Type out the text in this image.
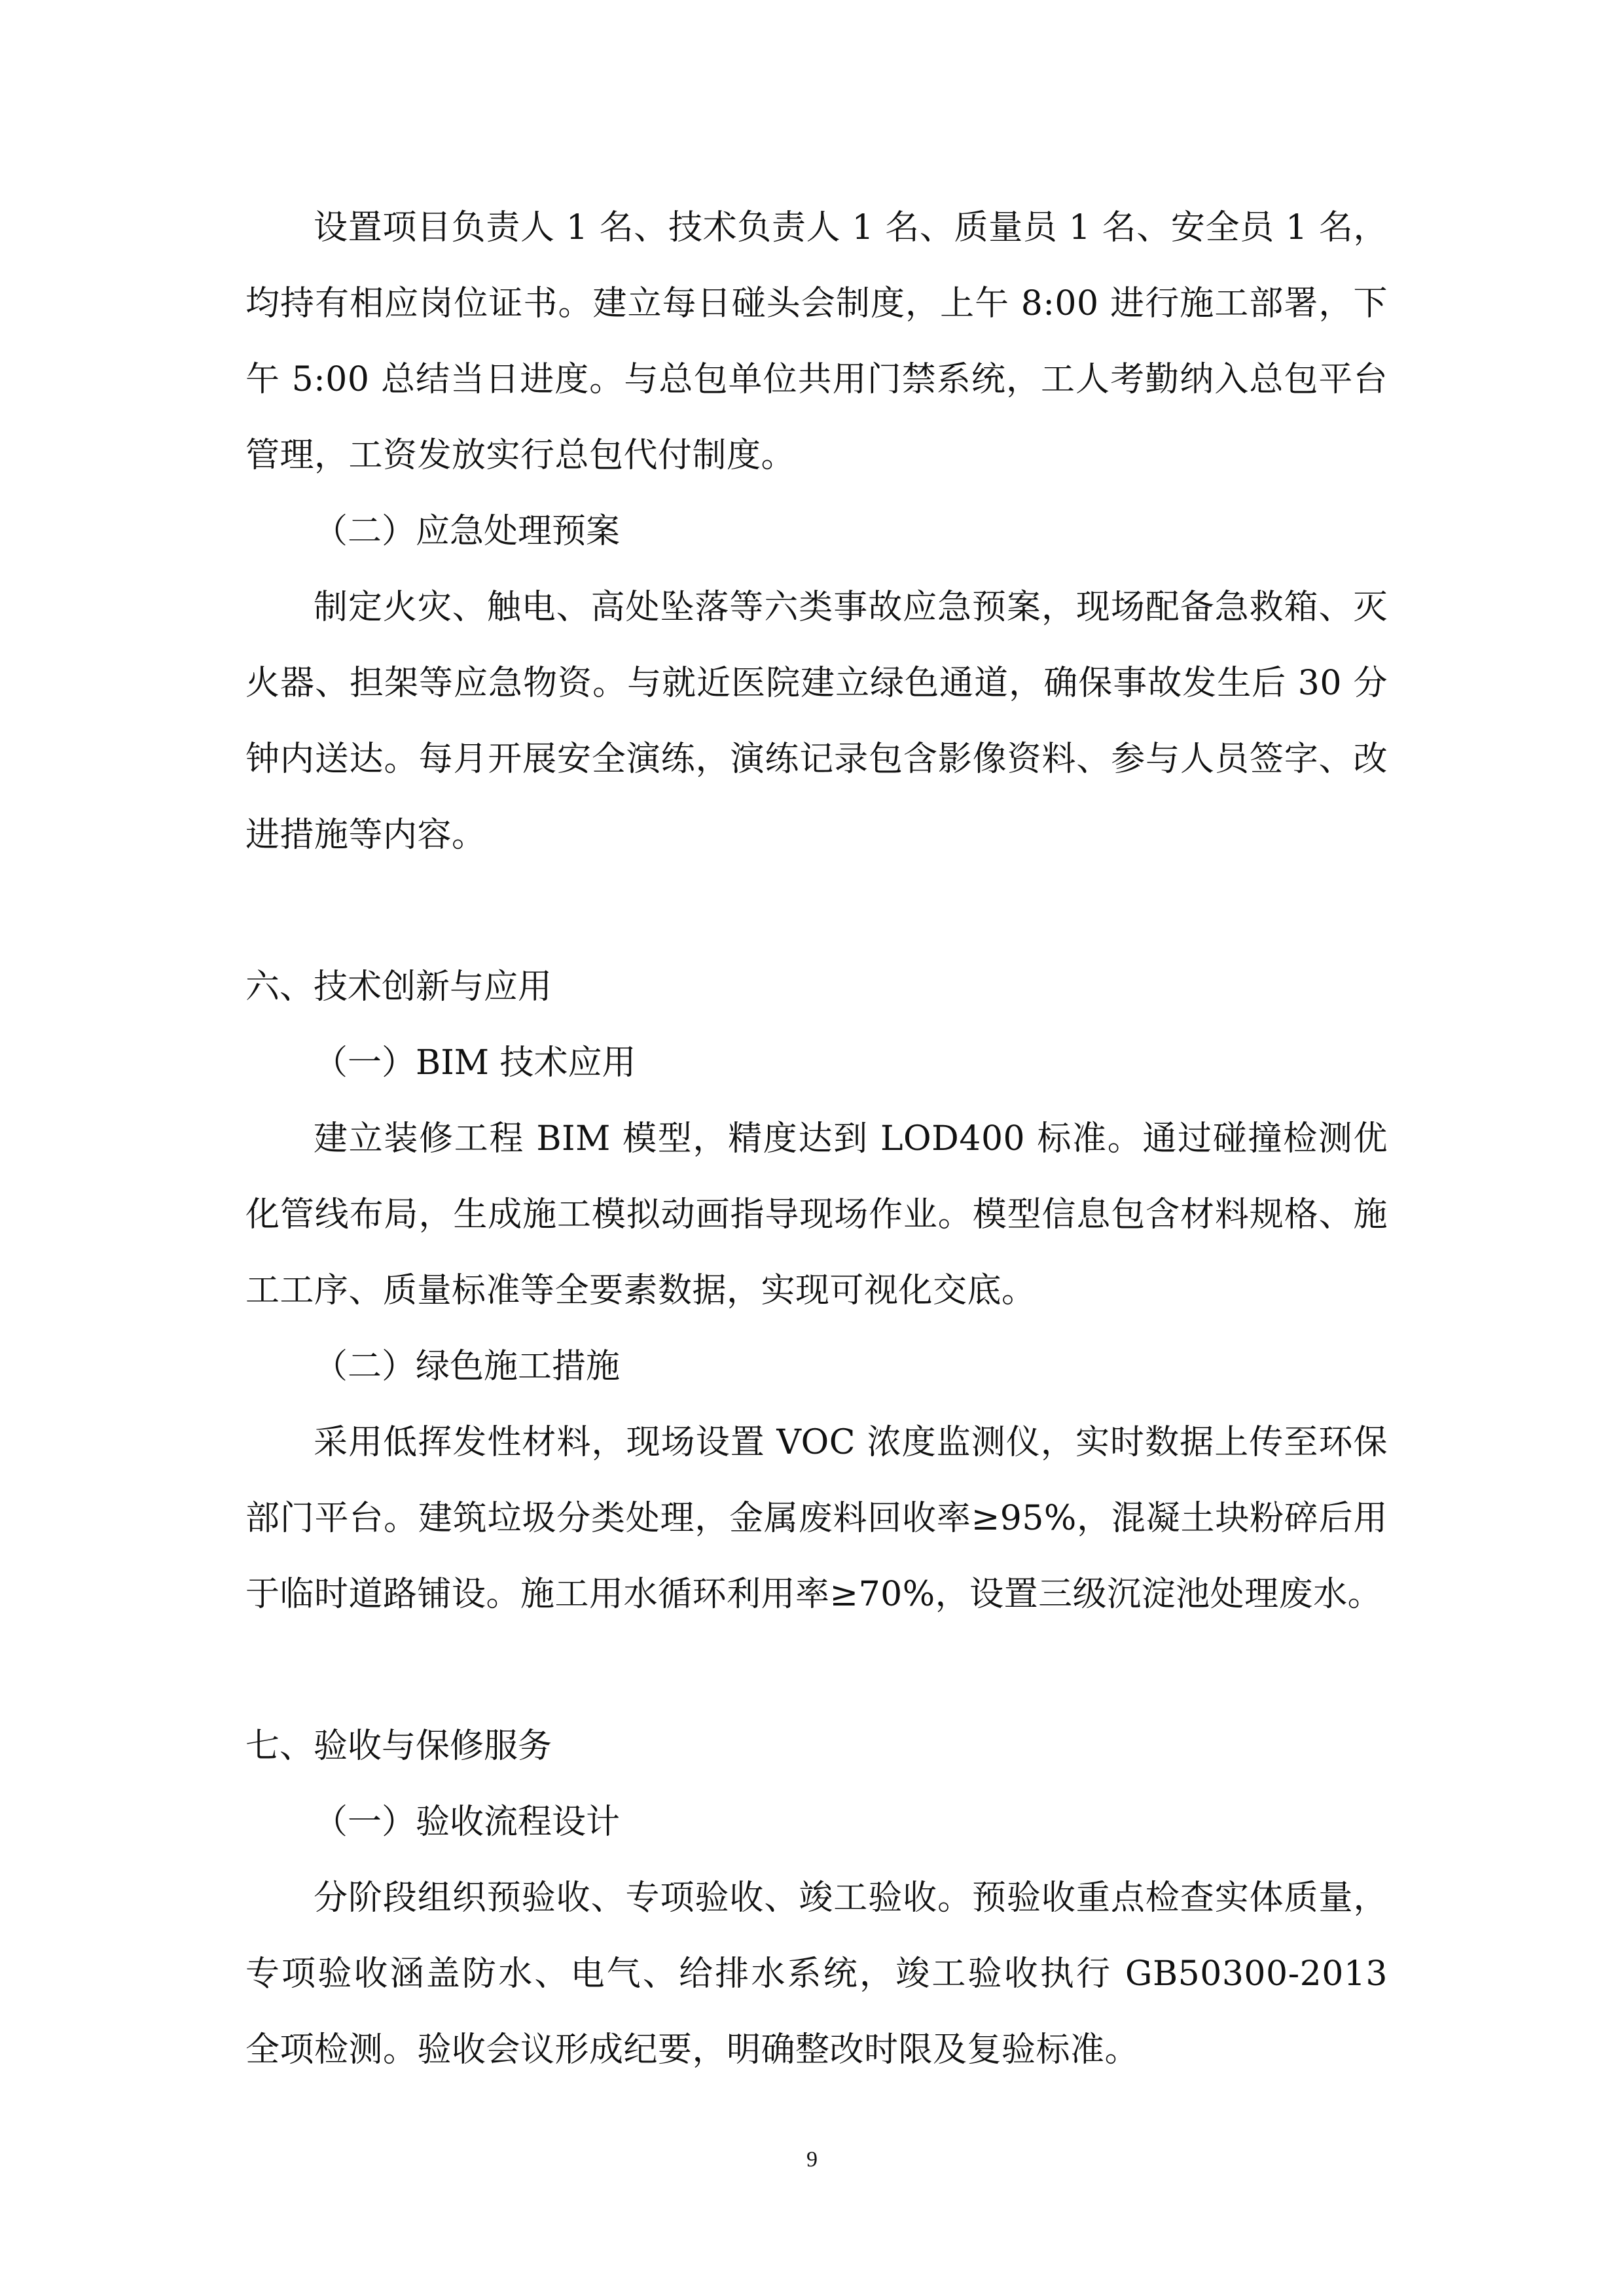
设置项目负责人 1 名、技术负责人 1 名、质量员 1 名、安全员 1 名，均持有相应岗位证书。建立每日碰头会制度，上午 8:00 进行施工部署，下午 5:00 总结当日进度。与总包单位共用门禁系统，工人考勤纳入总包平台管理，工资发放实行总包代付制度。

（二）应急处理预案

制定火灾、触电、高处坠落等六类事故应急预案，现场配备急救箱、灭火器、担架等应急物资。与就近医院建立绿色通道，确保事故发生后 30 分钟内送达。每月开展安全演练，演练记录包含影像资料、参与人员签字、改进措施等内容。

六、技术创新与应用

（一）BIM 技术应用

建立装修工程 BIM 模型，精度达到 LOD400 标准。通过碰撞检测优化管线布局，生成施工模拟动画指导现场作业。模型信息包含材料规格、施工工序、质量标准等全要素数据，实现可视化交底。

（二）绿色施工措施

采用低挥发性材料，现场设置 VOC 浓度监测仪，实时数据上传至环保部门平台。建筑垃圾分类处理，金属废料回收率≥95%，混凝土块粉碎后用于临时道路铺设。施工用水循环利用率≥70%，设置三级沉淀池处理废水。

七、验收与保修服务

（一）验收流程设计

分阶段组织预验收、专项验收、竣工验收。预验收重点检查实体质量，专项验收涵盖防水、电气、给排水系统，竣工验收执行 GB50300-2013 全项检测。验收会议形成纪要，明确整改时限及复验标准。

9
